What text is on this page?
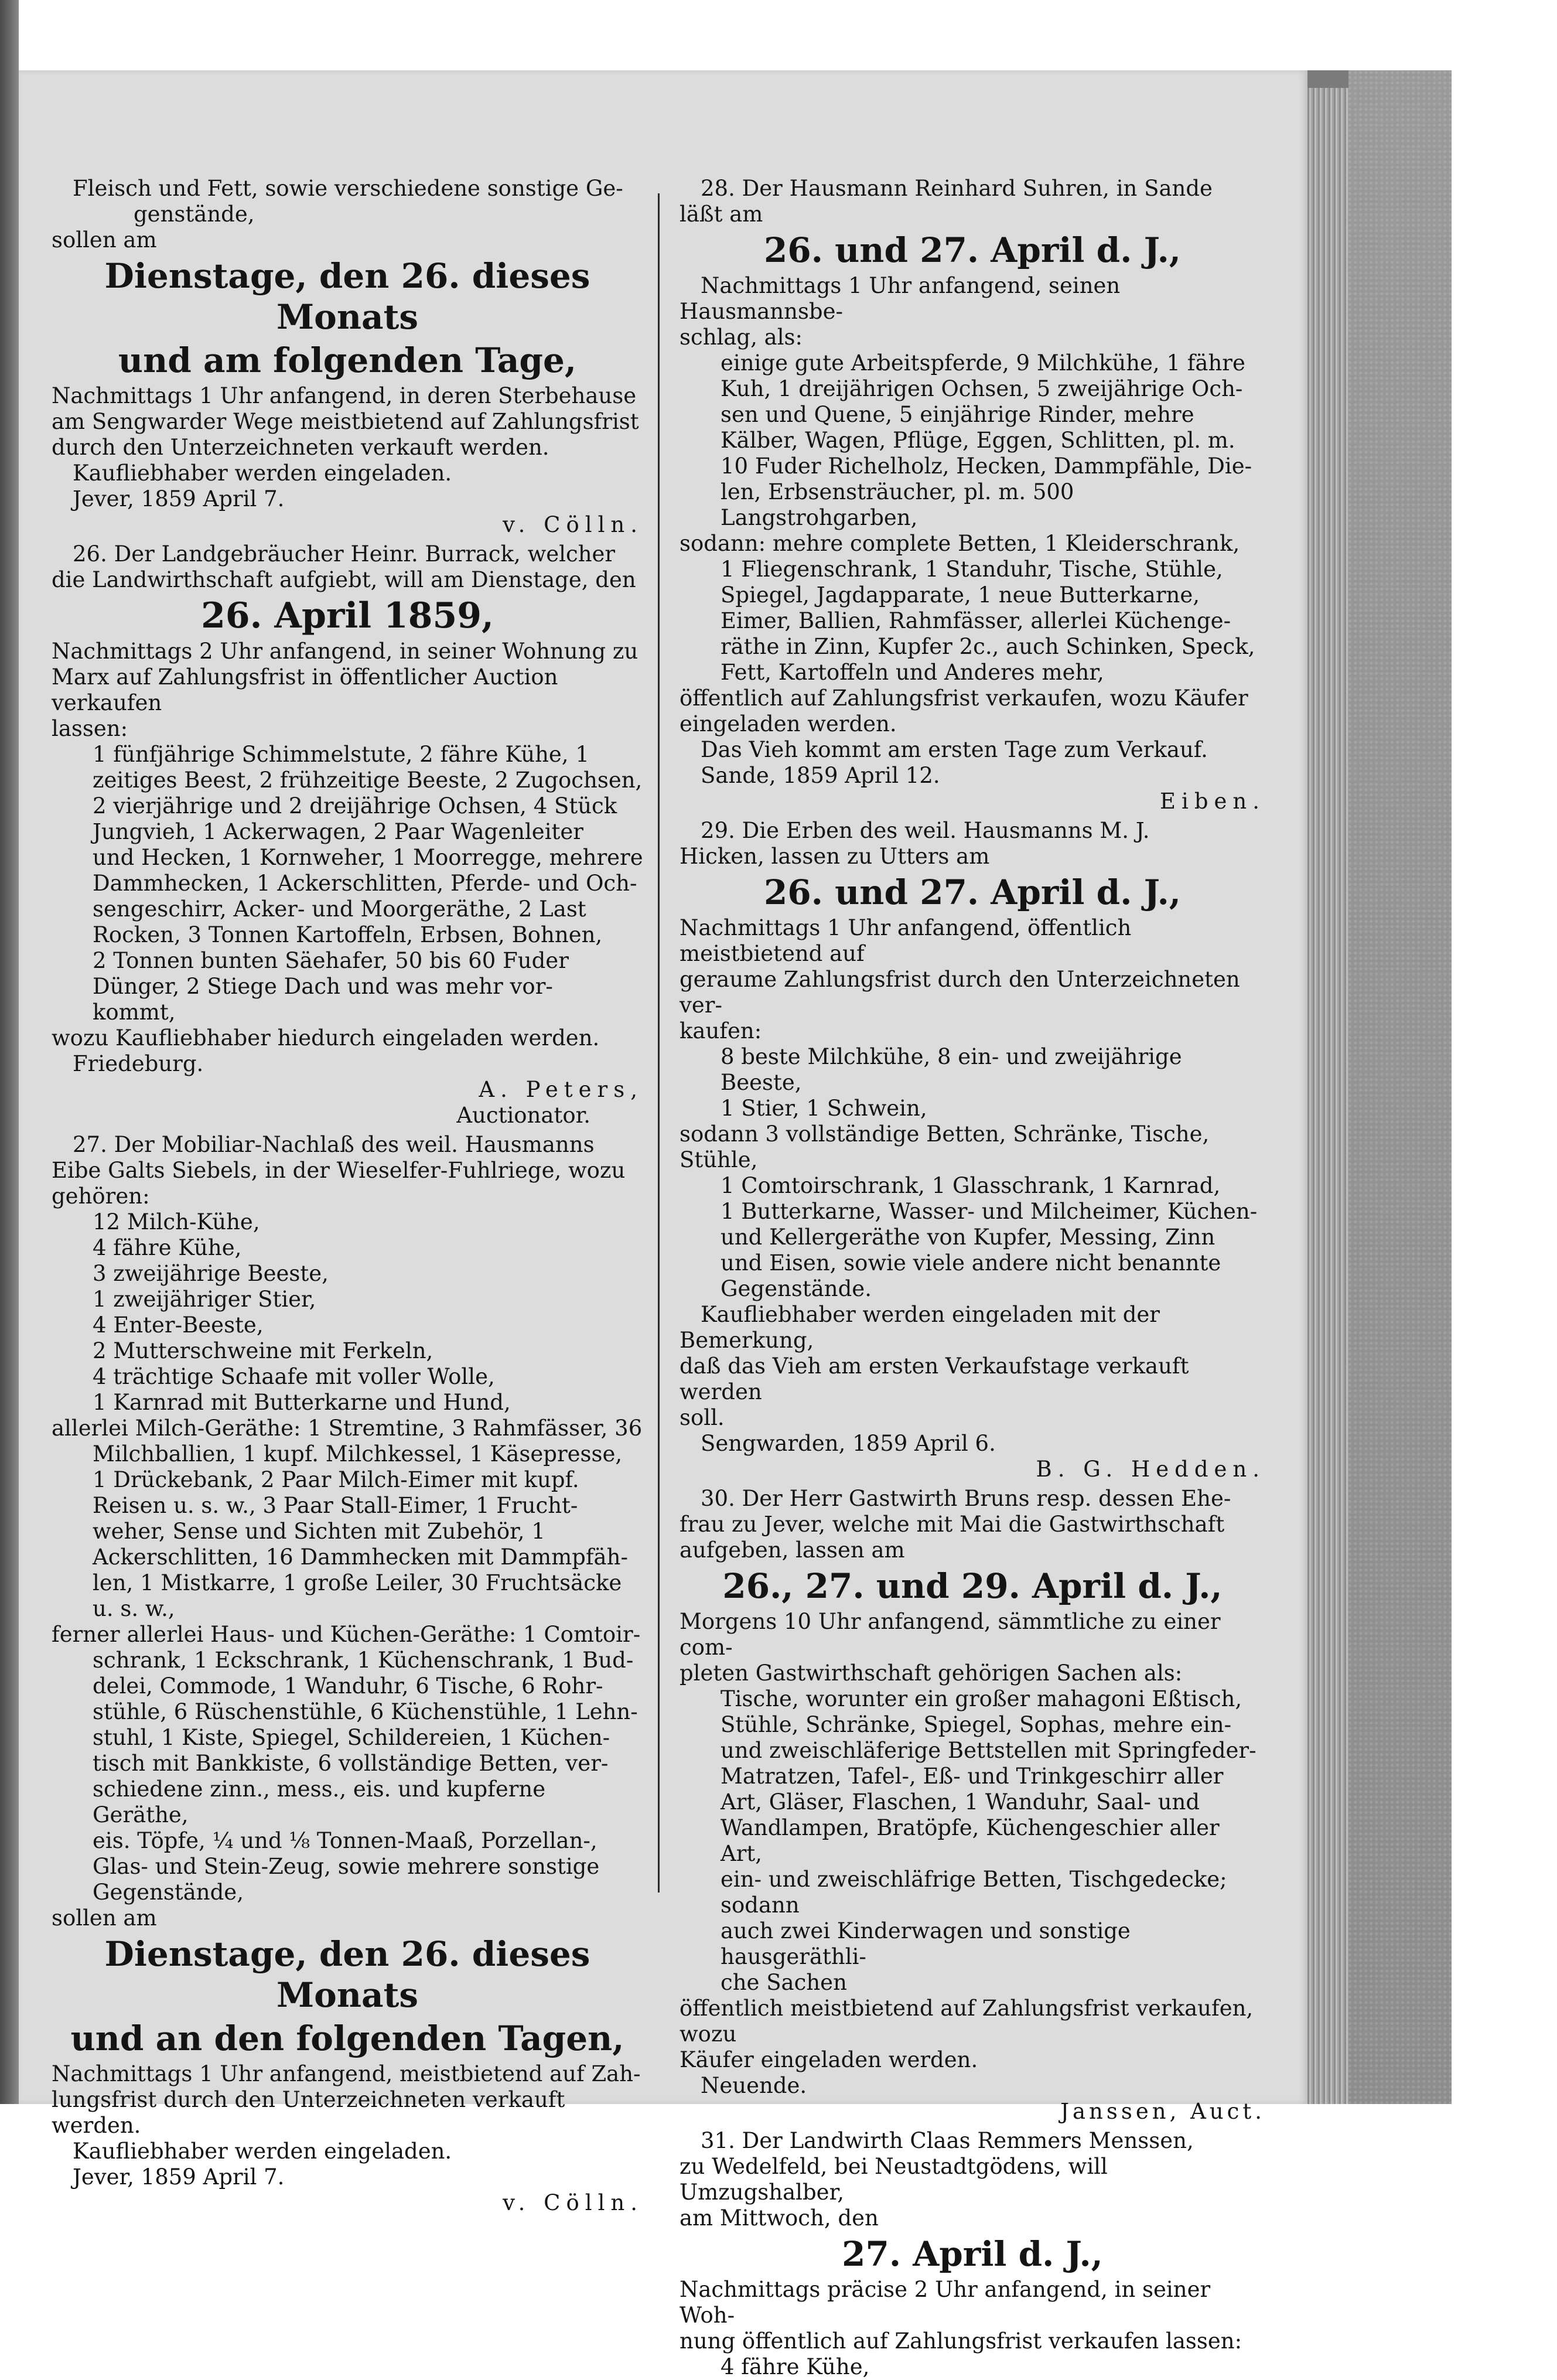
Fleisch und Fett, sowie verschiedene sonstige Ge-

genstände,

sollen am

Dienstage, den 26. dieses Monats

und am folgenden Tage,

Nachmittags 1 Uhr anfangend, in deren Sterbehause

am Sengwarder Wege meistbietend auf Zahlungsfrist

durch den Unterzeichneten verkauft werden.

Kaufliebhaber werden eingeladen.

Jever, 1859 April 7.

v. Cölln.

26. Der Landgebräucher Heinr. Burrack, welcher

die Landwirthschaft aufgiebt, will am Dienstage, den

26. April 1859,

Nachmittags 2 Uhr anfangend, in seiner Wohnung zu

Marx auf Zahlungsfrist in öffentlicher Auction verkaufen

lassen:

1 fünfjährige Schimmelstute, 2 fähre Kühe, 1

zeitiges Beest, 2 frühzeitige Beeste, 2 Zugochsen,

2 vierjährige und 2 dreijährige Ochsen, 4 Stück

Jungvieh, 1 Ackerwagen, 2 Paar Wagenleiter

und Hecken, 1 Kornweher, 1 Moorregge, mehrere

Dammhecken, 1 Ackerschlitten, Pferde- und Och-

sengeschirr, Acker- und Moorgeräthe, 2 Last

Rocken, 3 Tonnen Kartoffeln, Erbsen, Bohnen,

2 Tonnen bunten Säehafer, 50 bis 60 Fuder

Dünger, 2 Stiege Dach und was mehr vor-

kommt,

wozu Kaufliebhaber hiedurch eingeladen werden.

Friedeburg.

A. Peters,

Auctionator.

27. Der Mobiliar-Nachlaß des weil. Hausmanns

Eibe Galts Siebels, in der Wieselfer-Fuhlriege, wozu

gehören:

12 Milch-Kühe,

4 fähre Kühe,

3 zweijährige Beeste,

1 zweijähriger Stier,

4 Enter-Beeste,

2 Mutterschweine mit Ferkeln,

4 trächtige Schaafe mit voller Wolle,

1 Karnrad mit Butterkarne und Hund,

allerlei Milch-Geräthe: 1 Stremtine, 3 Rahmfässer, 36

Milchballien, 1 kupf. Milchkessel, 1 Käsepresse,

1 Drückebank, 2 Paar Milch-Eimer mit kupf.

Reisen u. s. w., 3 Paar Stall-Eimer, 1 Frucht-

weher, Sense und Sichten mit Zubehör, 1

Ackerschlitten, 16 Dammhecken mit Dammpfäh-

len, 1 Mistkarre, 1 große Leiler, 30 Fruchtsäcke

u. s. w.,

ferner allerlei Haus- und Küchen-Geräthe: 1 Comtoir-

schrank, 1 Eckschrank, 1 Küchenschrank, 1 Bud-

delei, Commode, 1 Wanduhr, 6 Tische, 6 Rohr-

stühle, 6 Rüschenstühle, 6 Küchenstühle, 1 Lehn-

stuhl, 1 Kiste, Spiegel, Schildereien, 1 Küchen-

tisch mit Bankkiste, 6 vollständige Betten, ver-

schiedene zinn., mess., eis. und kupferne Geräthe,

eis. Töpfe, ¼ und ⅛ Tonnen-Maaß, Porzellan-,

Glas- und Stein-Zeug, sowie mehrere sonstige

Gegenstände,

sollen am

Dienstage, den 26. dieses Monats

und an den folgenden Tagen,

Nachmittags 1 Uhr anfangend, meistbietend auf Zah-

lungsfrist durch den Unterzeichneten verkauft werden.

Kaufliebhaber werden eingeladen.

Jever, 1859 April 7.

v. Cölln.

28. Der Hausmann Reinhard Suhren, in Sande

läßt am

26. und 27. April d. J.,

Nachmittags 1 Uhr anfangend, seinen Hausmannsbe-

schlag, als:

einige gute Arbeitspferde, 9 Milchkühe, 1 fähre

Kuh, 1 dreijährigen Ochsen, 5 zweijährige Och-

sen und Quene, 5 einjährige Rinder, mehre

Kälber, Wagen, Pflüge, Eggen, Schlitten, pl. m.

10 Fuder Richelholz, Hecken, Dammpfähle, Die-

len, Erbsensträucher, pl. m. 500 Langstrohgarben,

sodann: mehre complete Betten, 1 Kleiderschrank,

1 Fliegenschrank, 1 Standuhr, Tische, Stühle,

Spiegel, Jagdapparate, 1 neue Butterkarne,

Eimer, Ballien, Rahmfässer, allerlei Küchenge-

räthe in Zinn, Kupfer 2c., auch Schinken, Speck,

Fett, Kartoffeln und Anderes mehr,

öffentlich auf Zahlungsfrist verkaufen, wozu Käufer

eingeladen werden.

Das Vieh kommt am ersten Tage zum Verkauf.

Sande, 1859 April 12.

Eiben.

29. Die Erben des weil. Hausmanns M. J.

Hicken, lassen zu Utters am

26. und 27. April d. J.,

Nachmittags 1 Uhr anfangend, öffentlich meistbietend auf

geraume Zahlungsfrist durch den Unterzeichneten ver-

kaufen:

8 beste Milchkühe, 8 ein- und zweijährige Beeste,

1 Stier, 1 Schwein,

sodann 3 vollständige Betten, Schränke, Tische, Stühle,

1 Comtoirschrank, 1 Glasschrank, 1 Karnrad,

1 Butterkarne, Wasser- und Milcheimer, Küchen-

und Kellergeräthe von Kupfer, Messing, Zinn

und Eisen, sowie viele andere nicht benannte

Gegenstände.

Kaufliebhaber werden eingeladen mit der Bemerkung,

daß das Vieh am ersten Verkaufstage verkauft werden

soll.

Sengwarden, 1859 April 6.

B. G. Hedden.

30. Der Herr Gastwirth Bruns resp. dessen Ehe-

frau zu Jever, welche mit Mai die Gastwirthschaft

aufgeben, lassen am

26., 27. und 29. April d. J.,

Morgens 10 Uhr anfangend, sämmtliche zu einer com-

pleten Gastwirthschaft gehörigen Sachen als:

Tische, worunter ein großer mahagoni Eßtisch,

Stühle, Schränke, Spiegel, Sophas, mehre ein-

und zweischläferige Bettstellen mit Springfeder-

Matratzen, Tafel-, Eß- und Trinkgeschirr aller

Art, Gläser, Flaschen, 1 Wanduhr, Saal- und

Wandlampen, Bratöpfe, Küchengeschier aller Art,

ein- und zweischläfrige Betten, Tischgedecke; sodann

auch zwei Kinderwagen und sonstige hausgeräthli-

che Sachen

öffentlich meistbietend auf Zahlungsfrist verkaufen, wozu

Käufer eingeladen werden.

Neuende.

Janssen, Auct.

31. Der Landwirth Claas Remmers Menssen,

zu Wedelfeld, bei Neustadtgödens, will Umzugshalber,

am Mittwoch, den

27. April d. J.,

Nachmittags präcise 2 Uhr anfangend, in seiner Woh-

nung öffentlich auf Zahlungsfrist verkaufen lassen:

4 fähre Kühe,
